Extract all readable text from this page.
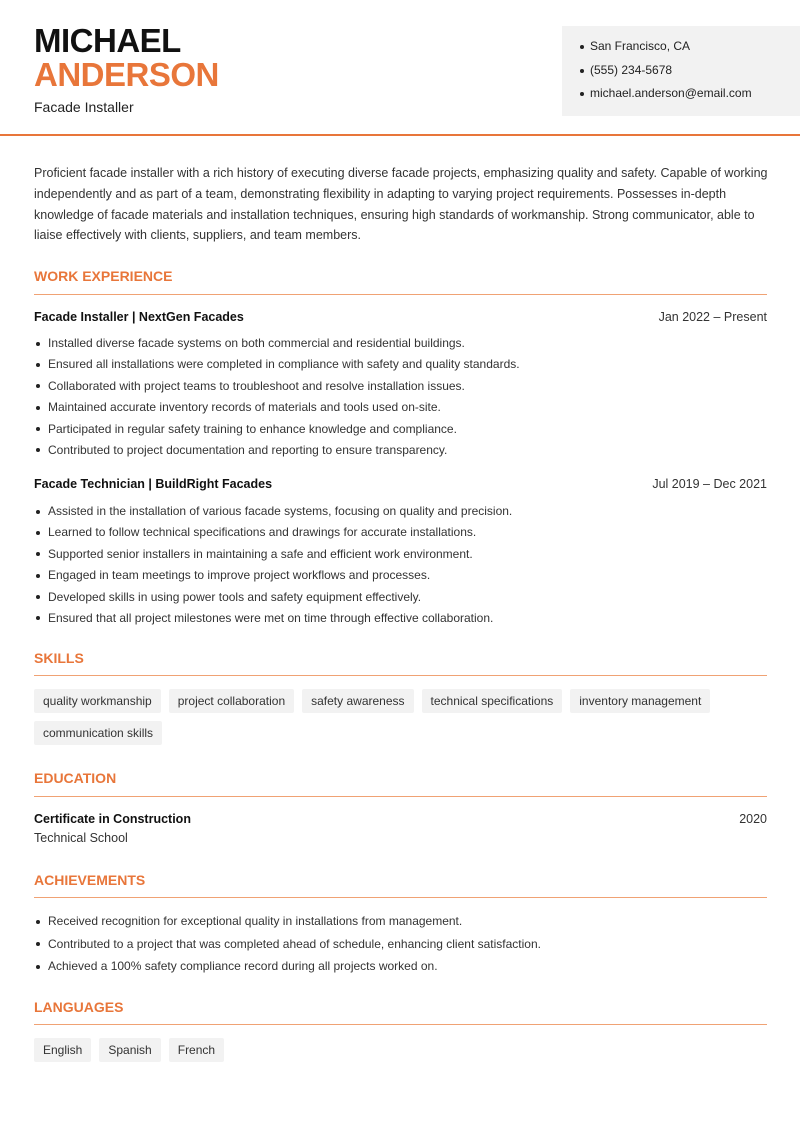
MICHAEL
ANDERSON
Facade Installer
San Francisco, CA
(555) 234-5678
michael.anderson@email.com
Proficient facade installer with a rich history of executing diverse facade projects, emphasizing quality and safety. Capable of working independently and as part of a team, demonstrating flexibility in adapting to varying project requirements. Possesses in-depth knowledge of facade materials and installation techniques, ensuring high standards of workmanship. Strong communicator, able to liaise effectively with clients, suppliers, and team members.
WORK EXPERIENCE
Facade Installer | NextGen Facades	Jan 2022 – Present
Installed diverse facade systems on both commercial and residential buildings.
Ensured all installations were completed in compliance with safety and quality standards.
Collaborated with project teams to troubleshoot and resolve installation issues.
Maintained accurate inventory records of materials and tools used on-site.
Participated in regular safety training to enhance knowledge and compliance.
Contributed to project documentation and reporting to ensure transparency.
Facade Technician | BuildRight Facades	Jul 2019 – Dec 2021
Assisted in the installation of various facade systems, focusing on quality and precision.
Learned to follow technical specifications and drawings for accurate installations.
Supported senior installers in maintaining a safe and efficient work environment.
Engaged in team meetings to improve project workflows and processes.
Developed skills in using power tools and safety equipment effectively.
Ensured that all project milestones were met on time through effective collaboration.
SKILLS
quality workmanship	project collaboration	safety awareness	technical specifications	inventory management
communication skills
EDUCATION
Certificate in Construction	2020
Technical School
ACHIEVEMENTS
Received recognition for exceptional quality in installations from management.
Contributed to a project that was completed ahead of schedule, enhancing client satisfaction.
Achieved a 100% safety compliance record during all projects worked on.
LANGUAGES
English	Spanish	French
